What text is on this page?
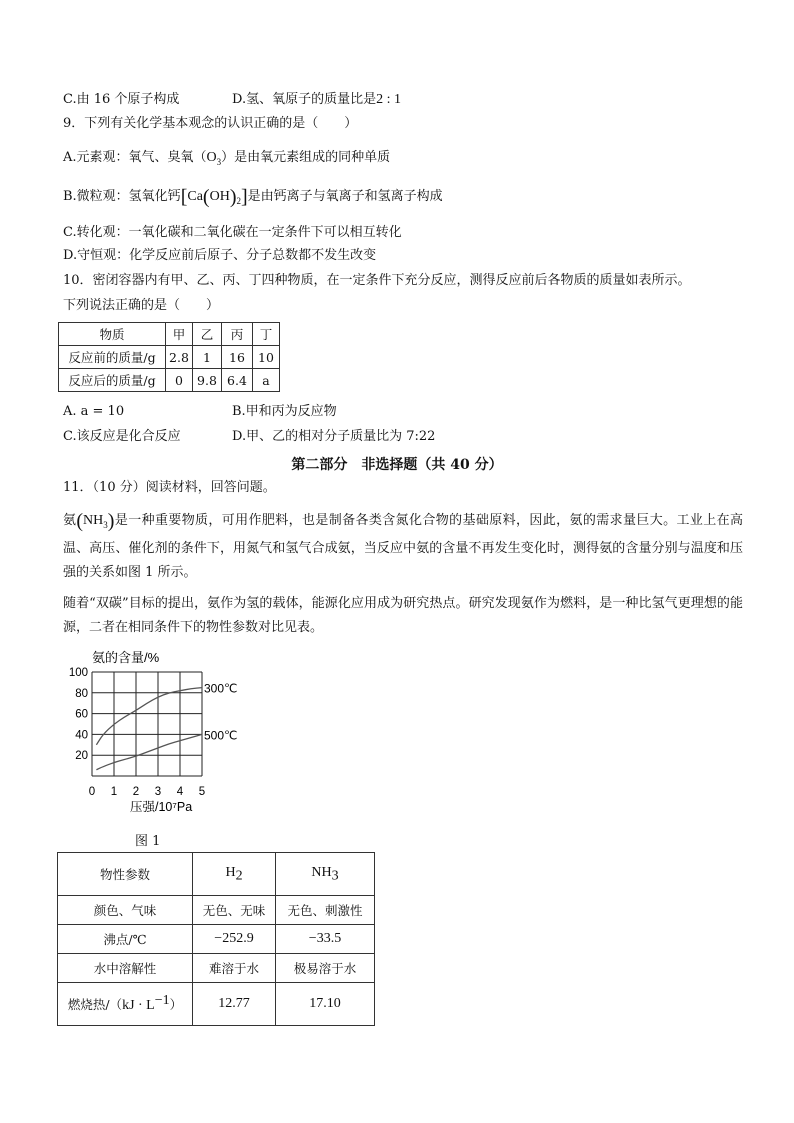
C.由 16 个原子构成	D.氢、氧原子的质量比是2 : 1
9．下列有关化学基本观念的认识正确的是（　　）
A.元素观：氧气、臭氧$(O_3)$是由氧元素组成的同种单质
B.微粒观：氢氧化钙$[Ca(OH)_2]$是由钙离子与氧离子和氢离子构成
C.转化观：一氧化碳和二氧化碳在一定条件下可以相互转化
D.守恒观：化学反应前后原子、分子总数都不发生改变
10．密闭容器内有甲、乙、丙、丁四种物质，在一定条件下充分反应，测得反应前后各物质的质量如表所示。
下列说法正确的是（　　）
物质	甲	乙	丙	丁
反应前的质量/g	2.8	1	16	10
反应后的质量/g	0	9.8	6.4	a
A. a = 10	B.甲和丙为反应物
C.该反应是化合反应	D.甲、乙的相对分子质量比为 7:22
第二部分　非选择题（共 40 分）
11．（10 分）阅读材料，回答问题。
氨$(NH_3)$是一种重要物质，可用作肥料，也是制备各类含氮化合物的基础原料，因此，氨的需求量巨大。工业上在高温、高压、催化剂的条件下，用氮气和氢气合成氨，当反应中氨的含量不再发生变化时，测得氨的含量分别与温度和压强的关系如图 1 所示。
随着“双碳”目标的提出，氨作为氢的载体，能源化应用成为研究热点。研究发现氨作为燃料，是一种比氢气更理想的能源，二者在相同条件下的物性参数对比见表。
氨的含量/%
20
40
60
80
100
0 1 2 3 4 5
300℃
500℃
压强/10⁷Pa
图 1
物性参数	$H_2$	$NH_3$
颜色、气味	无色、无味	无色、刺激性
沸点/℃	−252.9	−33.5
水中溶解性	难溶于水	极易溶于水
燃烧热$/(kJ \cdot L^{-1})$	12.77	17.10
